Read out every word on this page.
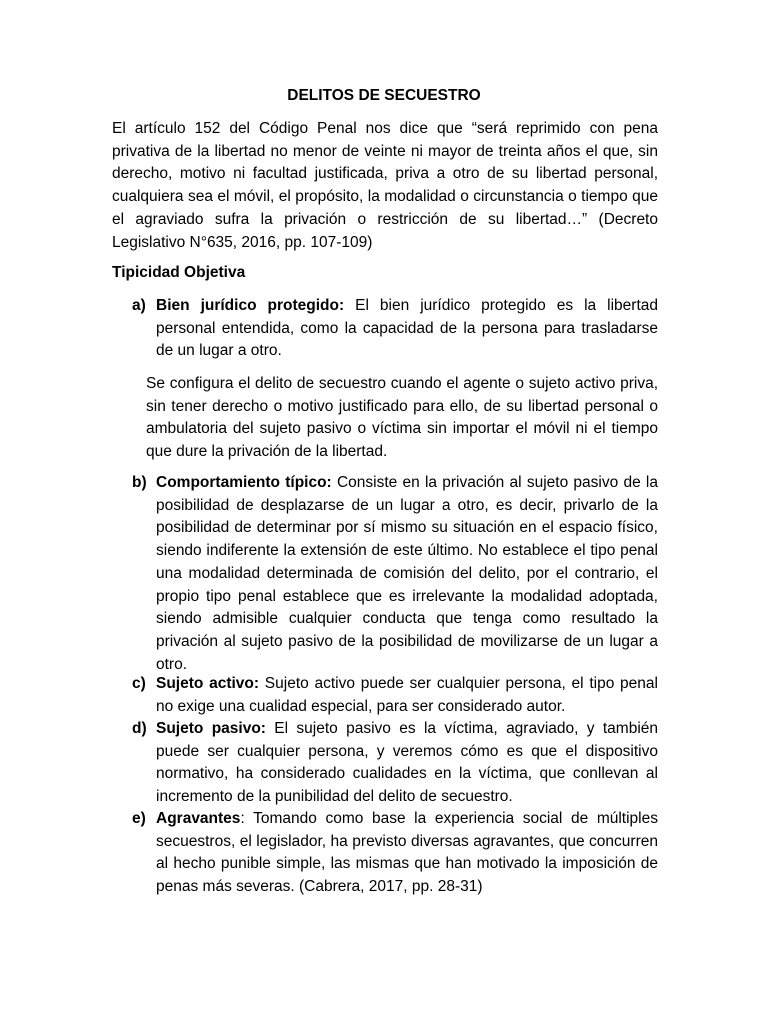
DELITOS DE SECUESTRO
El artículo 152 del Código Penal nos dice que “será reprimido con pena privativa de la libertad no menor de veinte ni mayor de treinta años el que, sin derecho, motivo ni facultad justificada, priva a otro de su libertad personal, cualquiera sea el móvil, el propósito, la modalidad o circunstancia o tiempo que el agraviado sufra la privación o restricción de su libertad…” (Decreto Legislativo N°635, 2016, pp. 107-109)
Tipicidad Objetiva
a) Bien jurídico protegido: El bien jurídico protegido es la libertad personal entendida, como la capacidad de la persona para trasladarse de un lugar a otro.
Se configura el delito de secuestro cuando el agente o sujeto activo priva, sin tener derecho o motivo justificado para ello, de su libertad personal o ambulatoria del sujeto pasivo o víctima sin importar el móvil ni el tiempo que dure la privación de la libertad.
b) Comportamiento típico: Consiste en la privación al sujeto pasivo de la posibilidad de desplazarse de un lugar a otro, es decir, privarlo de la posibilidad de determinar por sí mismo su situación en el espacio físico, siendo indiferente la extensión de este último. No establece el tipo penal una modalidad determinada de comisión del delito, por el contrario, el propio tipo penal establece que es irrelevante la modalidad adoptada, siendo admisible cualquier conducta que tenga como resultado la privación al sujeto pasivo de la posibilidad de movilizarse de un lugar a otro.
c) Sujeto activo: Sujeto activo puede ser cualquier persona, el tipo penal no exige una cualidad especial, para ser considerado autor.
d) Sujeto pasivo: El sujeto pasivo es la víctima, agraviado, y también puede ser cualquier persona, y veremos cómo es que el dispositivo normativo, ha considerado cualidades en la víctima, que conllevan al incremento de la punibilidad del delito de secuestro.
e) Agravantes: Tomando como base la experiencia social de múltiples secuestros, el legislador, ha previsto diversas agravantes, que concurren al hecho punible simple, las mismas que han motivado la imposición de penas más severas. (Cabrera, 2017, pp. 28-31)
